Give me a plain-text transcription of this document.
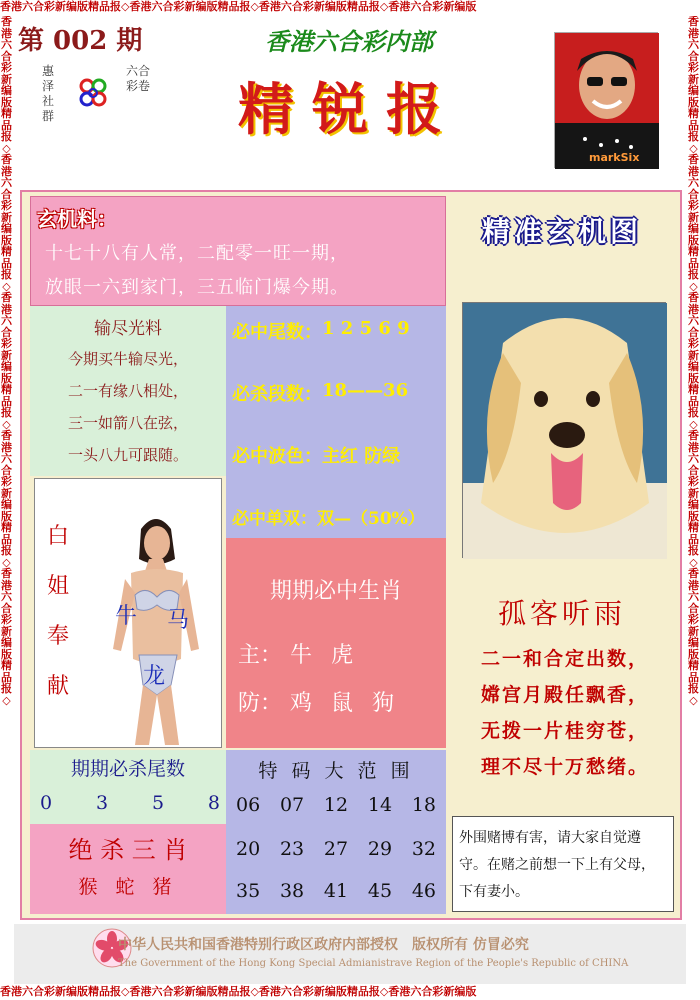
香港六合彩新编版精品报◇香港六合彩新编版精品报◇香港六合彩新编版精品报◇香港六合彩新编版
香港六合彩新编版精品报◇香港六合彩新编版精品报◇香港六合彩新编版精品报◇香港六合彩新编版
香港六合彩新编版精品报◇香港六合彩新编版精品报◇香港六合彩新编版精品报◇香港六合彩新编版精品报◇香港六合彩新编版精品报◇
香港六合彩新编版精品报◇香港六合彩新编版精品报◇香港六合彩新编版精品报◇香港六合彩新编版精品报◇香港六合彩新编版精品报◇
第 002 期
惠泽社群
六合彩卷
香港六合彩内部
精锐报
markSix
玄机料：
十七十八有人常，二配零一旺一期，
放眼一六到家门，三五临门爆今期。
输尽光料
今期买牛输尽光，
二一有缘八相处，
三一如箭八在弦，
一头八九可跟随。
必中尾数： 1 2 5 6 9
必杀段数： 18——36
必中波色： 主红 防绿
必中单双： 双—（50%）
白
姐
奉
献
牛 马
龙
期期必中生肖
主： 牛 虎
防： 鸡 鼠 狗
期期必杀尾数
0 3 5 8
绝 杀 三 肖
猴 蛇 猪
特 码 大 范 围
06 07 12 14 18
20 23 27 29 32
35 38 41 45 46
精准玄机图
孤客听雨
二一和合定出数，
嫦宫月殿任飘香，
无拨一片桂穷苍，
理不尽十万愁绪。
外围赌博有害，请大家自觉遵守。在赌之前想一下上有父母，下有妻小。
中华人民共和国香港特别行政区政府内部授权　版权所有 仿冒必究
The Government of the Hong Kong Special Admianistrave Region of the People's Republic of CHINA
